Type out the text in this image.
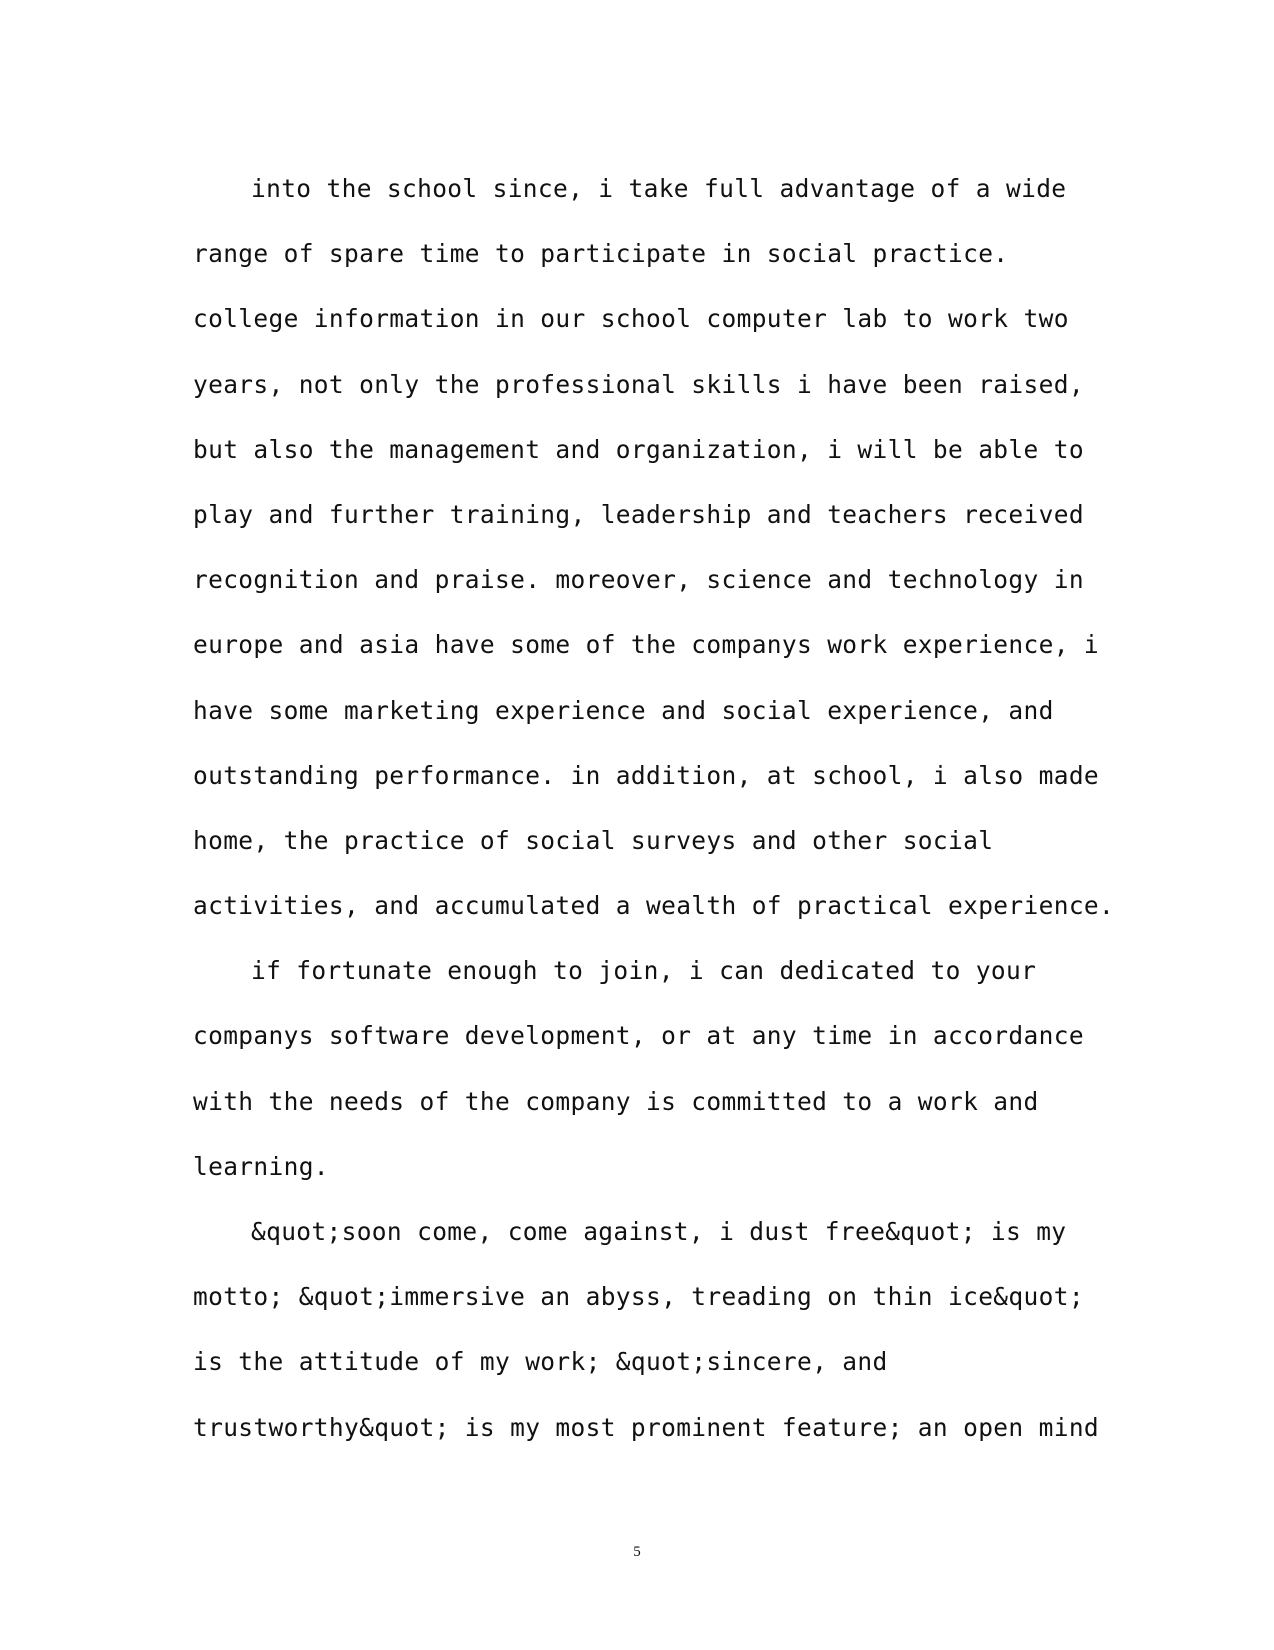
into the school since, i take full advantage of a wide
range of spare time to participate in social practice.
college information in our school computer lab to work two
years, not only the professional skills i have been raised,
but also the management and organization, i will be able to
play and further training, leadership and teachers received
recognition and praise. moreover, science and technology in
europe and asia have some of the companys work experience, i
have some marketing experience and social experience, and
outstanding performance. in addition, at school, i also made
home, the practice of social surveys and other social
activities, and accumulated a wealth of practical experience.
if fortunate enough to join, i can dedicated to your
companys software development, or at any time in accordance
with the needs of the company is committed to a work and
learning.
&quot;soon come, come against, i dust free&quot; is my
motto; &quot;immersive an abyss, treading on thin ice&quot;
is the attitude of my work; &quot;sincere, and
trustworthy&quot; is my most prominent feature; an open mind
5
